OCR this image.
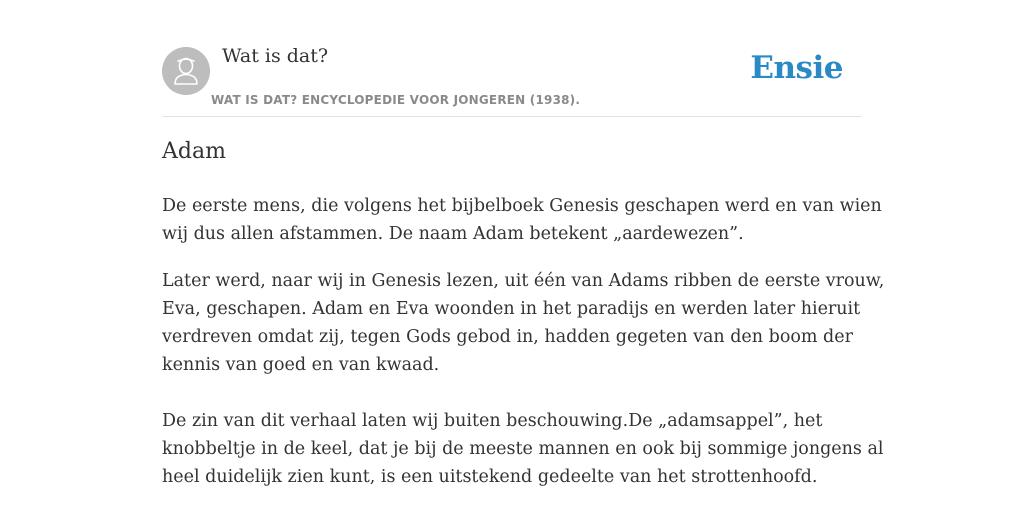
Wat is dat?
WAT IS DAT? ENCYCLOPEDIE VOOR JONGEREN (1938).
Ensie
Adam

De eerste mens, die volgens het bijbelboek Genesis geschapen werd en van wien

wij dus allen afstammen. De naam Adam betekent „aardewezen”.

Later werd, naar wij in Genesis lezen, uit één van Adams ribben de eerste vrouw,

Eva, geschapen. Adam en Eva woonden in het paradijs en werden later hieruit

verdreven omdat zij, tegen Gods gebod in, hadden gegeten van den boom der

kennis van goed en van kwaad.

De zin van dit verhaal laten wij buiten beschouwing.De „adamsappel”, het

knobbeltje in de keel, dat je bij de meeste mannen en ook bij sommige jongens al

heel duidelijk zien kunt, is een uitstekend gedeelte van het strottenhoofd.
